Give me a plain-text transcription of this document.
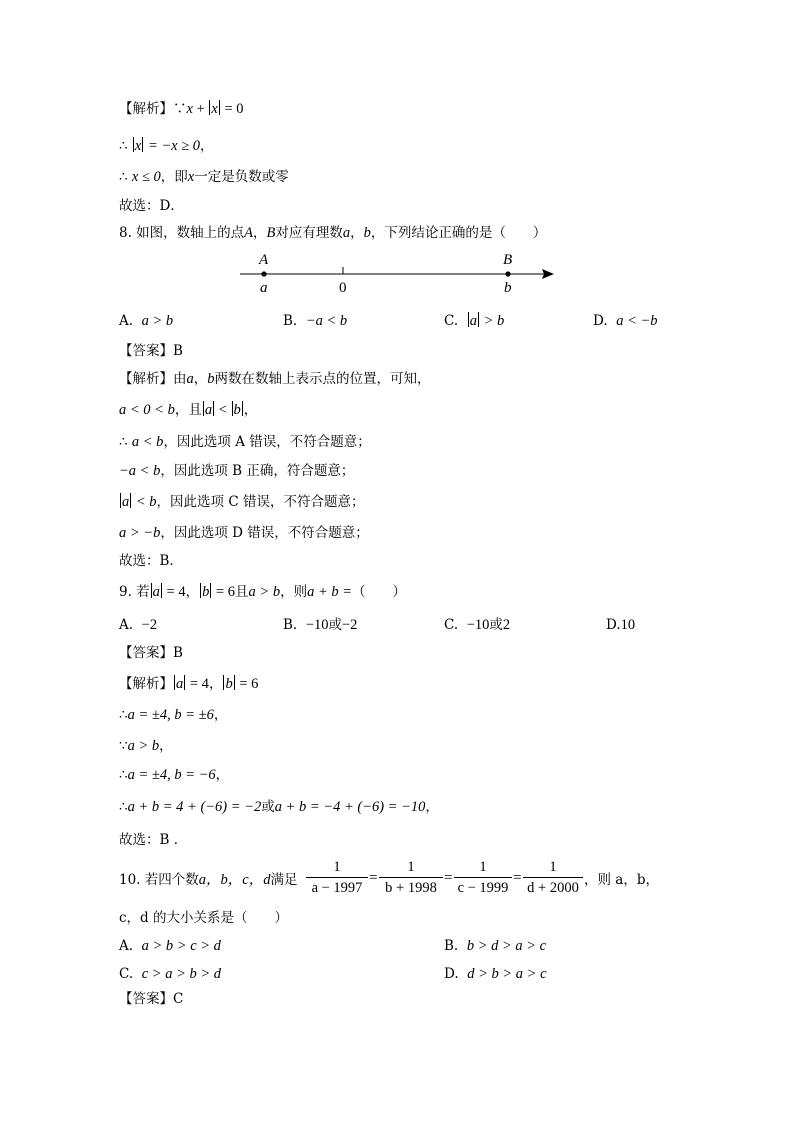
【解析】∵x + x = 0
∴ x = −x ≥ 0，
∴ x ≤ 0，即x一定是负数或零
故选：D．
8. 如图，数轴上的点A，B对应有理数a，b，下列结论正确的是（　　）
A	B
a	0	b
A. a > b	B. −a < b	C. a > b	D. a < −b
【答案】B
【解析】由a，b两数在数轴上表示点的位置，可知，
a < 0 < b，且 a < b ，
∴ a < b，因此选项 A 错误，不符合题意；
−a < b，因此选项 B 正确，符合题意；
a < b，因此选项 C 错误，不符合题意；
a > −b，因此选项 D 错误，不符合题意；
故选：B．
9. 若 a = 4， b = 6且a > b，则a + b =（　　）
A. −2	B. −10或−2	C. −10或2	D.10
【答案】B
【解析】 a = 4， b = 6
∴a = ±4, b = ±6，
∵a > b，
∴a = ±4, b = −6，
∴a + b = 4 + (−6) = −2或a + b = −4 + (−6) = −10，
故选：B ．
10. 若四个数a，b，c，d满足 $\frac{1}{a - 1997} = \frac{1}{b + 1998} = \frac{1}{c - 1999} = \frac{1}{d + 2000}$ ，则 a，b，
c，d 的大小关系是（　　）
A. a > b > c > d	B. b > d > a > c
C. c > a > b > d	D. d > b > a > c
【答案】C
